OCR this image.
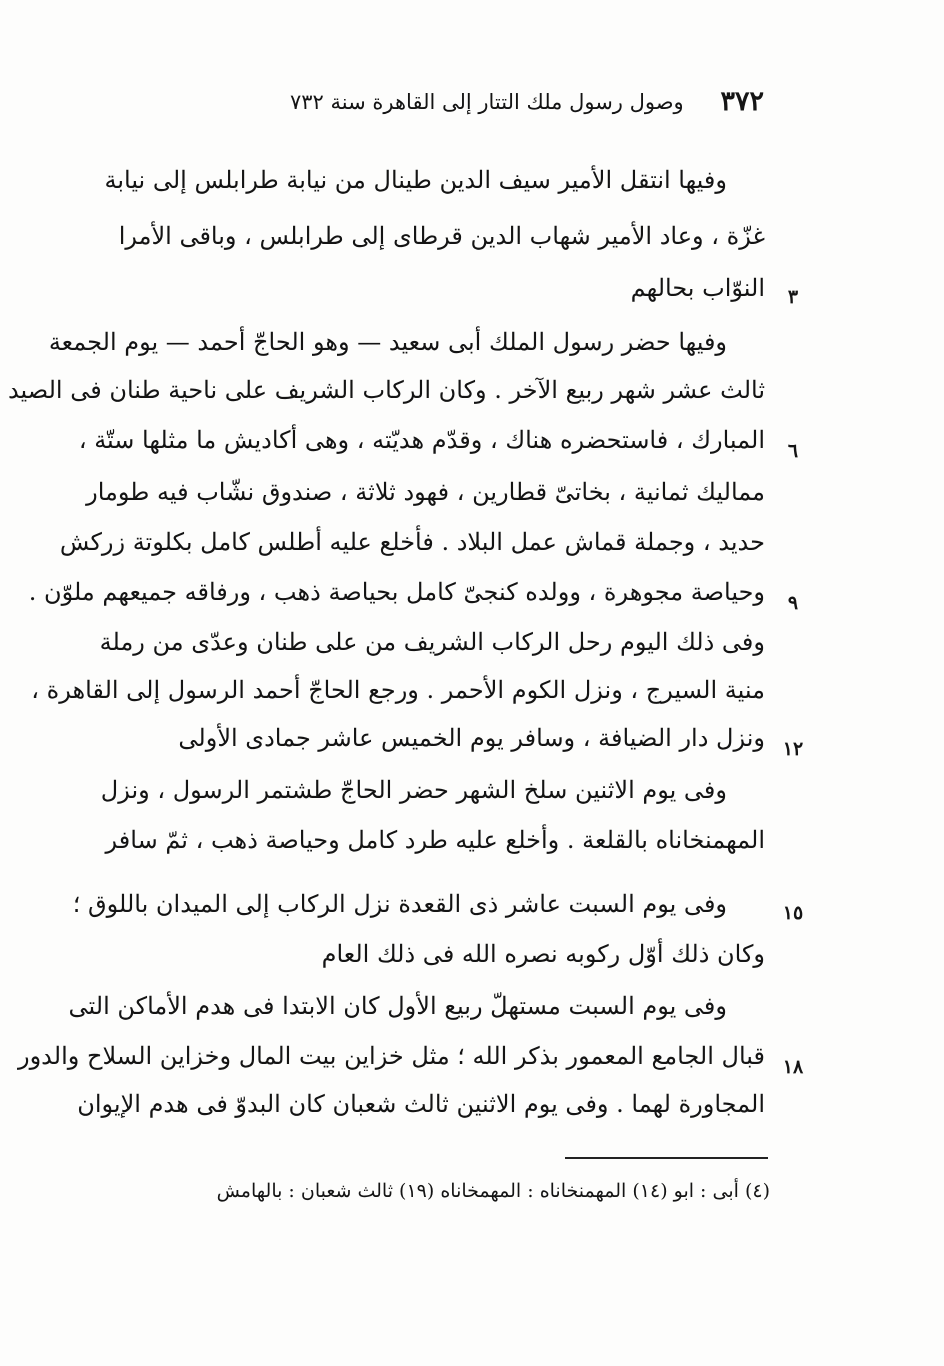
٣٧٢
وصول رسول ملك التتار إلى القاهرة سنة ٧٣٢
وفيها انتقل الأمير سيف الدين طينال من نيابة طرابلس إلى نيابة
غزّة ، وعاد الأمير شهاب الدين قرطاى إلى طرابلس ، وباقى الأمرا
النوّاب بحالهم
وفيها حضر رسول الملك أبى سعيد — وهو الحاجّ أحمد — يوم الجمعة
ثالث عشر شهر ربيع الآخر . وكان الركاب الشريف على ناحية طنان فى الصيد
المبارك ، فاستحضره هناك ، وقدّم هديّته ، وهى أكاديش ما مثلها ستّة ،
مماليك ثمانية ، بخاتىّ قطارين ، فهود ثلاثة ، صندوق نشّاب فيه طومار
حديد ، وجملة قماش عمل البلاد . فأخلع عليه أطلس كامل بكلوتة زركش
وحياصة مجوهرة ، وولده كنجىّ كامل بحياصة ذهب ، ورفاقه جميعهم ملوّن .
وفى ذلك اليوم رحل الركاب الشريف من على طنان وعدّى من رملة
منية السيرج ، ونزل الكوم الأحمر . ورجع الحاجّ أحمد الرسول إلى القاهرة ،
ونزل دار الضيافة ، وسافر يوم الخميس عاشر جمادى الأولى
وفى يوم الاثنين سلخ الشهر حضر الحاجّ طشتمر الرسول ، ونزل
المهمنخاناه بالقلعة . وأخلع عليه طرد كامل وحياصة ذهب ، ثمّ سافر
وفى يوم السبت عاشر ذى القعدة نزل الركاب إلى الميدان باللوق ؛
وكان ذلك أوّل ركوبه نصره الله فى ذلك العام
وفى يوم السبت مستهلّ ربيع الأول كان الابتدا فى هدم الأماكن التى
قبال الجامع المعمور بذكر الله ؛ مثل خزاين بيت المال وخزاين السلاح والدور
المجاورة لهما . وفى يوم الاثنين ثالث شعبان كان البدوّ فى هدم الإيوان
٣
٦
٩
١٢
١٥
١٨
(٤) أبى : ابو (١٤) المهمنخاناه : المهمخاناه (١٩) ثالث شعبان : بالهامش
